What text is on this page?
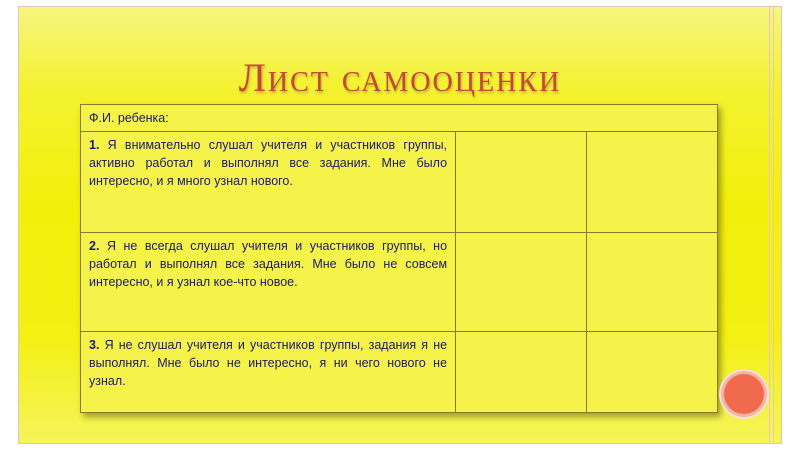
Лист самооценки
Ф.И. ребенка:		
1. Я внимательно слушал учителя и участников группы, активно работал и выполнял все задания. Мне было интересно, и я много узнал нового.		
2. Я не всегда слушал учителя и участников группы, но работал и выполнял все задания. Мне было не совсем интересно, и я узнал кое-что новое.		
3. Я не слушал учителя и участников группы, задания я не выполнял. Мне было не интересно, я ни чего нового не узнал.		
